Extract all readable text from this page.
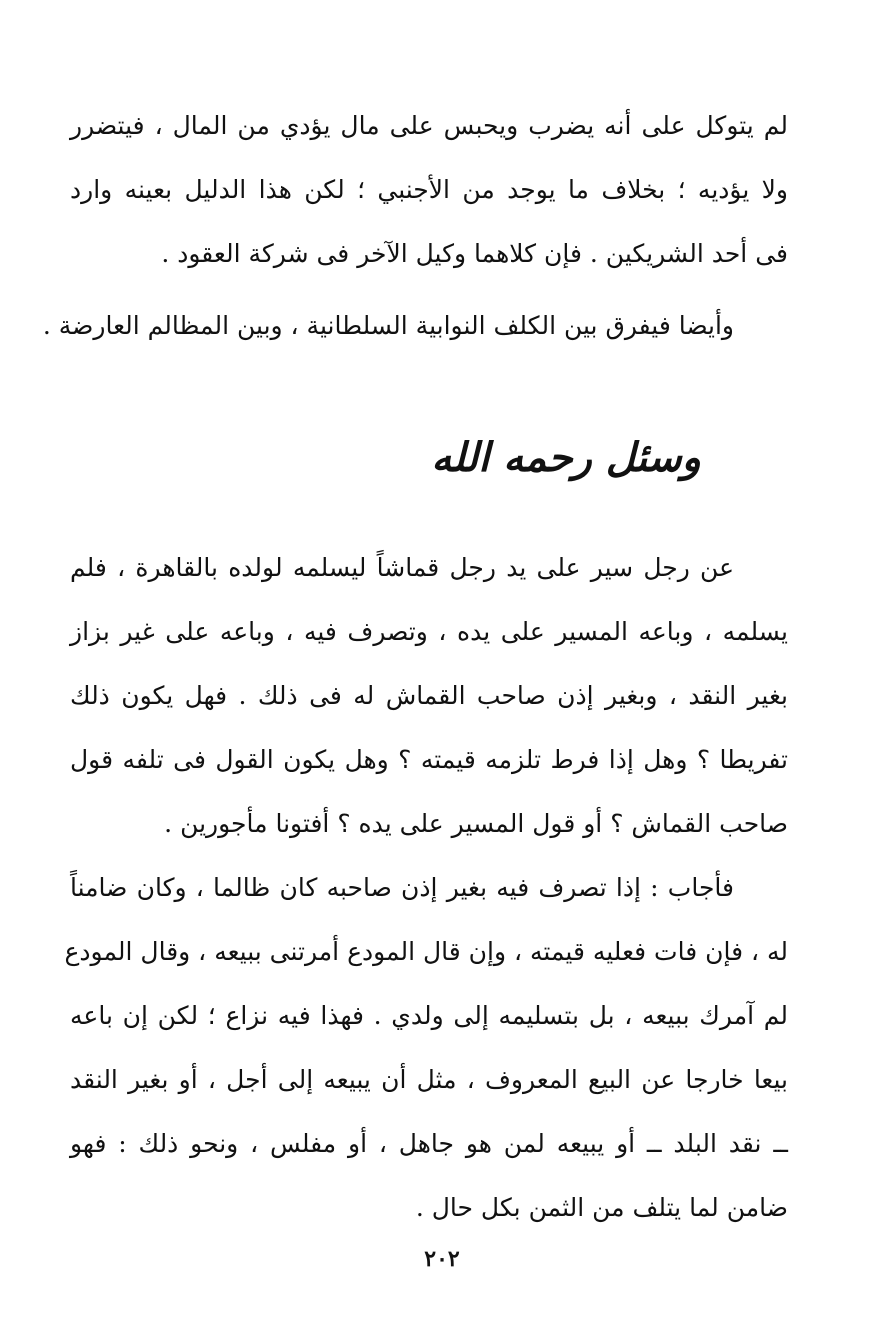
لم يتوكل على أنه يضرب ويحبس على مال يؤدي من المال ، فيتضرر
ولا يؤديه ؛ بخلاف ما يوجد من الأجنبي ؛ لكن هذا الدليل بعينه وارد
فى أحد الشريكين . فإن كلاهما وكيل الآخر فى شركة العقود .
وأيضا فيفرق بين الكلف النوابية السلطانية ، وبين المظالم العارضة .
وسئل رحمه الله
عن رجل سير على يد رجل قماشاً ليسلمه لولده بالقاهرة ، فلم
يسلمه ، وباعه المسير على يده ، وتصرف فيه ، وباعه على غير بزاز
بغير النقد ، وبغير إذن صاحب القماش له فى ذلك . فهل يكون ذلك
تفريطا ؟ وهل إذا فرط تلزمه قيمته ؟ وهل يكون القول فى تلفه قول
صاحب القماش ؟ أو قول المسير على يده ؟ أفتونا مأجورين .
فأجاب : إذا تصرف فيه بغير إذن صاحبه كان ظالما ، وكان ضامناً
له ، فإن فات فعليه قيمته ، وإن قال المودع أمرتنى ببيعه ، وقال المودع
لم آمرك ببيعه ، بل بتسليمه إلى ولدي . فهذا فيه نزاع ؛ لكن إن باعه
بيعا خارجا عن البيع المعروف ، مثل أن يبيعه إلى أجل ، أو بغير النقد
ــ نقد البلد ــ أو يبيعه لمن هو جاهل ، أو مفلس ، ونحو ذلك : فهو
ضامن لما يتلف من الثمن بكل حال .
٢٠٢
